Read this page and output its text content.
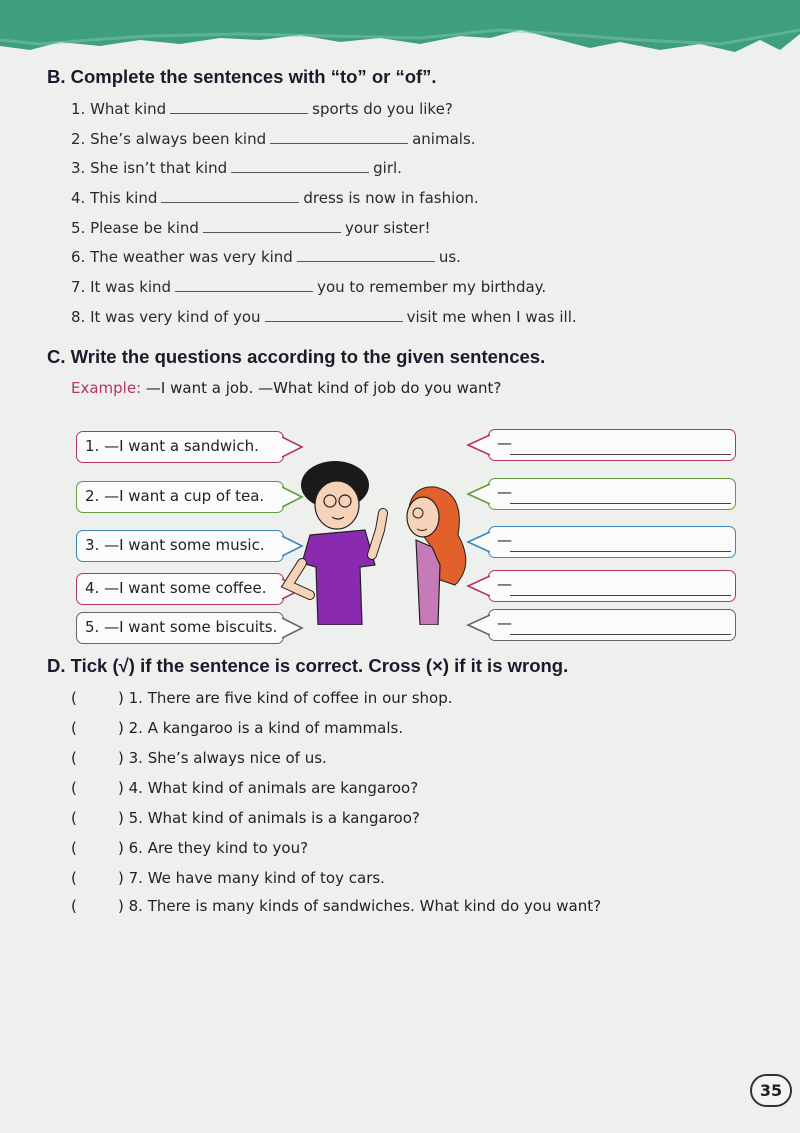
B. Complete the sentences with “to” or “of”.
1. What kind	sports do you like?
2. She’s always been kind	animals.
3. She isn’t that kind	girl.
4. This kind	dress is now in fashion.
5. Please be kind	your sister!
6. The weather was very kind	us.
7. It was kind	you to remember my birthday.
8. It was very kind of you	visit me when I was ill.
C. Write the questions according to the given sentences.
Example: —I want a job. —What kind of job do you want?
1. —I want a sandwich.
2. —I want a cup of tea.
3. —I want some music.
4. —I want some coffee.
5. —I want some biscuits.
—
—
—
—
—
D. Tick (√) if the sentence is correct. Cross (×) if it is wrong.
(	) 1. There are five kind of coffee in our shop.
(	) 2. A kangaroo is a kind of mammals.
(	) 3. She’s always nice of us.
(	) 4. What kind of animals are kangaroo?
(	) 5. What kind of animals is a kangaroo?
(	) 6. Are they kind to you?
(	) 7. We have many kind of toy cars.
(	) 8. There is many kinds of sandwiches. What kind do you want?
35
